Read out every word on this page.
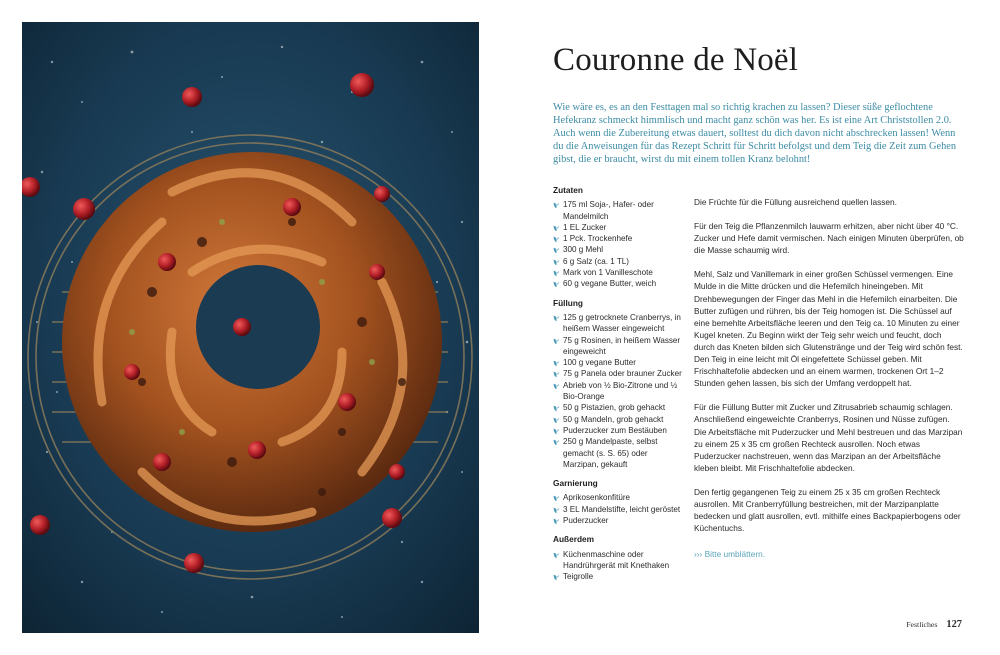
Couronne de Noël

Wie wäre es, es an den Festtagen mal so richtig krachen zu lassen? Dieser süße geflochtene Hefekranz schmeckt himmlisch und macht ganz schön was her. Es ist eine Art Christstollen 2.0. Auch wenn die Zubereitung etwas dauert, solltest du dich davon nicht abschrecken lassen! Wenn du die Anweisungen für das Rezept Schritt für Schritt befolgst und dem Teig die Zeit zum Gehen gibst, die er braucht, wirst du mit einem tollen Kranz belohnt!

Zutaten
175 ml Soja-, Hafer- oder Mandelmilch
1 EL Zucker
1 Pck. Trockenhefe
300 g Mehl
6 g Salz (ca. 1 TL)
Mark von 1 Vanilleschote
60 g vegane Butter, weich
Füllung
125 g getrocknete Cranberrys, in heißem Wasser eingeweicht
75 g Rosinen, in heißem Wasser eingeweicht
100 g vegane Butter
75 g Panela oder brauner Zucker
Abrieb von ½ Bio-Zitrone und ½ Bio-Orange
50 g Pistazien, grob gehackt
50 g Mandeln, grob gehackt
Puderzucker zum Bestäuben
250 g Mandelpaste, selbst gemacht (s. S. 65) oder Marzipan, gekauft
Garnierung
Aprikosenkonfitüre
3 EL Mandelstifte, leicht geröstet
Puderzucker
Außerdem
Küchenmaschine oder Handrührgerät mit Knethaken
Teigrolle

Die Früchte für die Füllung ausreichend quellen lassen.

Für den Teig die Pflanzenmilch lauwarm erhitzen, aber nicht über 40 °C. Zucker und Hefe damit vermischen. Nach einigen Minuten überprüfen, ob die Masse schaumig wird.

Mehl, Salz und Vanillemark in einer großen Schüssel vermengen. Eine Mulde in die Mitte drücken und die Hefemilch hineingeben. Mit Drehbewegungen der Finger das Mehl in die Hefemilch einarbeiten. Die Butter zufügen und rühren, bis der Teig homogen ist. Die Schüssel auf eine bemehlte Arbeitsfläche leeren und den Teig ca. 10 Minuten zu einer Kugel kneten. Zu Beginn wirkt der Teig sehr weich und feucht, doch durch das Kneten bilden sich Glutenstränge und der Teig wird schön fest. Den Teig in eine leicht mit Öl eingefettete Schüssel geben. Mit Frischhaltefolie abdecken und an einem warmen, trockenen Ort 1–2 Stunden gehen lassen, bis sich der Umfang verdoppelt hat.

Für die Füllung Butter mit Zucker und Zitrusabrieb schaumig schlagen. Anschließend eingeweichte Cranberrys, Rosinen und Nüsse zufügen. Die Arbeitsfläche mit Puderzucker und Mehl bestreuen und das Marzipan zu einem 25 x 35 cm großen Rechteck ausrollen. Noch etwas Puderzucker nachstreuen, wenn das Marzipan an der Arbeitsfläche kleben bleibt. Mit Frischhaltefolie abdecken.

Den fertig gegangenen Teig zu einem 25 x 35 cm großen Rechteck ausrollen. Mit Cranberryfüllung bestreichen, mit der Marzipanplatte bedecken und glatt ausrollen, evtl. mithilfe eines Backpapierbogens oder Küchentuchs.

››› Bitte umblättern.
Festliches 127
